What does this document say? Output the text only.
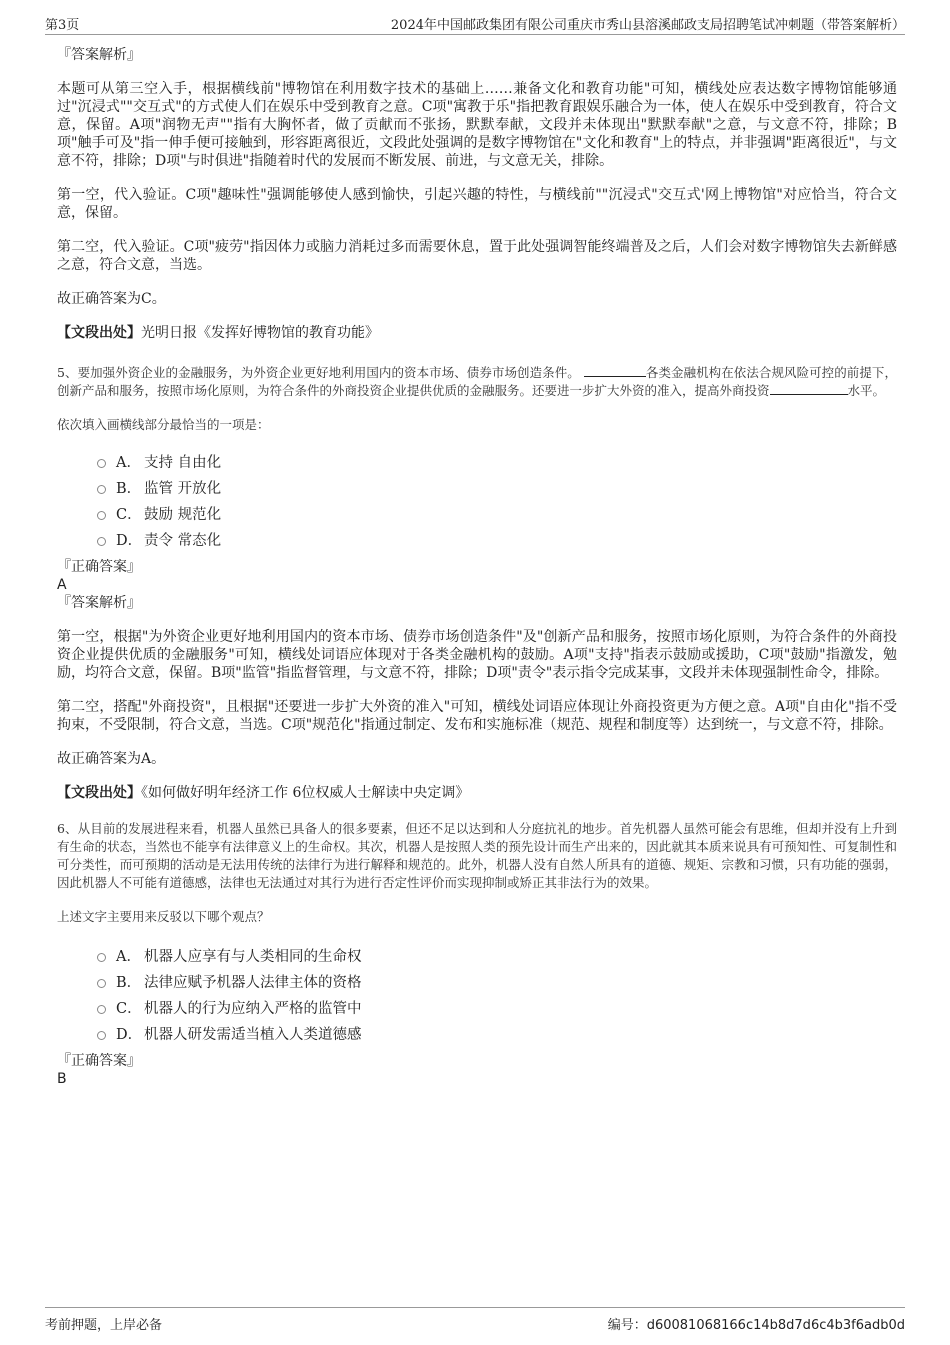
第3页	2024年中国邮政集团有限公司重庆市秀山县溶溪邮政支局招聘笔试冲刺题（带答案解析）
『答案解析』

本题可从第三空入手，根据横线前"博物馆在利用数字技术的基础上……兼备文化和教育功能"可知，横线处应表达数字博物馆能够通过"沉浸式""交互式"的方式使人们在娱乐中受到教育之意。C项"寓教于乐"指把教育跟娱乐融合为一体，使人在娱乐中受到教育，符合文意，保留。A项"润物无声""指有大胸怀者，做了贡献而不张扬，默默奉献，文段并未体现出"默默奉献"之意，与文意不符，排除；B项"触手可及"指一伸手便可接触到，形容距离很近，文段此处强调的是数字博物馆在"文化和教育"上的特点，并非强调"距离很近"，与文意不符，排除；D项"与时俱进"指随着时代的发展而不断发展、前进，与文意无关，排除。

第一空，代入验证。C项"趣味性"强调能够使人感到愉快，引起兴趣的特性，与横线前""沉浸式"交互式'网上博物馆"对应恰当，符合文意，保留。

第二空，代入验证。C项"疲劳"指因体力或脑力消耗过多而需要休息，置于此处强调智能终端普及之后，人们会对数字博物馆失去新鲜感之意，符合文意，当选。

故正确答案为C。

【文段出处】光明日报《发挥好博物馆的教育功能》

5、要加强外资企业的金融服务，为外资企业更好地利用国内的资本市场、债券市场创造条件。	各类金融机构在依法合规风险可控的前提下，创新产品和服务，按照市场化原则，为符合条件的外商投资企业提供优质的金融服务。还要进一步扩大外资的准入，提高外商投资	水平。

依次填入画横线部分最恰当的一项是：

A． 支持 自由化
B． 监管 开放化
C． 鼓励 规范化
D． 责令 常态化
『正确答案』
A
『答案解析』

第一空，根据"为外资企业更好地利用国内的资本市场、债券市场创造条件"及"创新产品和服务，按照市场化原则，为符合条件的外商投资企业提供优质的金融服务"可知，横线处词语应体现对于各类金融机构的鼓励。A项"支持"指表示鼓励或援助，C项"鼓励"指激发，勉励，均符合文意，保留。B项"监管"指监督管理，与文意不符，排除；D项"责令"表示指令完成某事，文段并未体现强制性命令，排除。

第二空，搭配"外商投资"，且根据"还要进一步扩大外资的准入"可知，横线处词语应体现让外商投资更为方便之意。A项"自由化"指不受拘束，不受限制，符合文意，当选。C项"规范化"指通过制定、发布和实施标准（规范、规程和制度等）达到统一，与文意不符，排除。

故正确答案为A。

【文段出处】《如何做好明年经济工作 6位权威人士解读中央定调》

6、从目前的发展进程来看，机器人虽然已具备人的很多要素，但还不足以达到和人分庭抗礼的地步。首先机器人虽然可能会有思维，但却并没有上升到有生命的状态，当然也不能享有法律意义上的生命权。其次，机器人是按照人类的预先设计而生产出来的，因此就其本质来说具有可预知性、可复制性和可分类性，而可预期的活动是无法用传统的法律行为进行解释和规范的。此外，机器人没有自然人所具有的道德、规矩、宗教和习惯，只有功能的强弱，因此机器人不可能有道德感，法律也无法通过对其行为进行否定性评价而实现抑制或矫正其非法行为的效果。

上述文字主要用来反驳以下哪个观点？

A． 机器人应享有与人类相同的生命权
B． 法律应赋予机器人法律主体的资格
C． 机器人的行为应纳入严格的监管中
D． 机器人研发需适当植入人类道德感
『正确答案』
B
考前押题，上岸必备	编号：d60081068166c14b8d7d6c4b3f6adb0d
